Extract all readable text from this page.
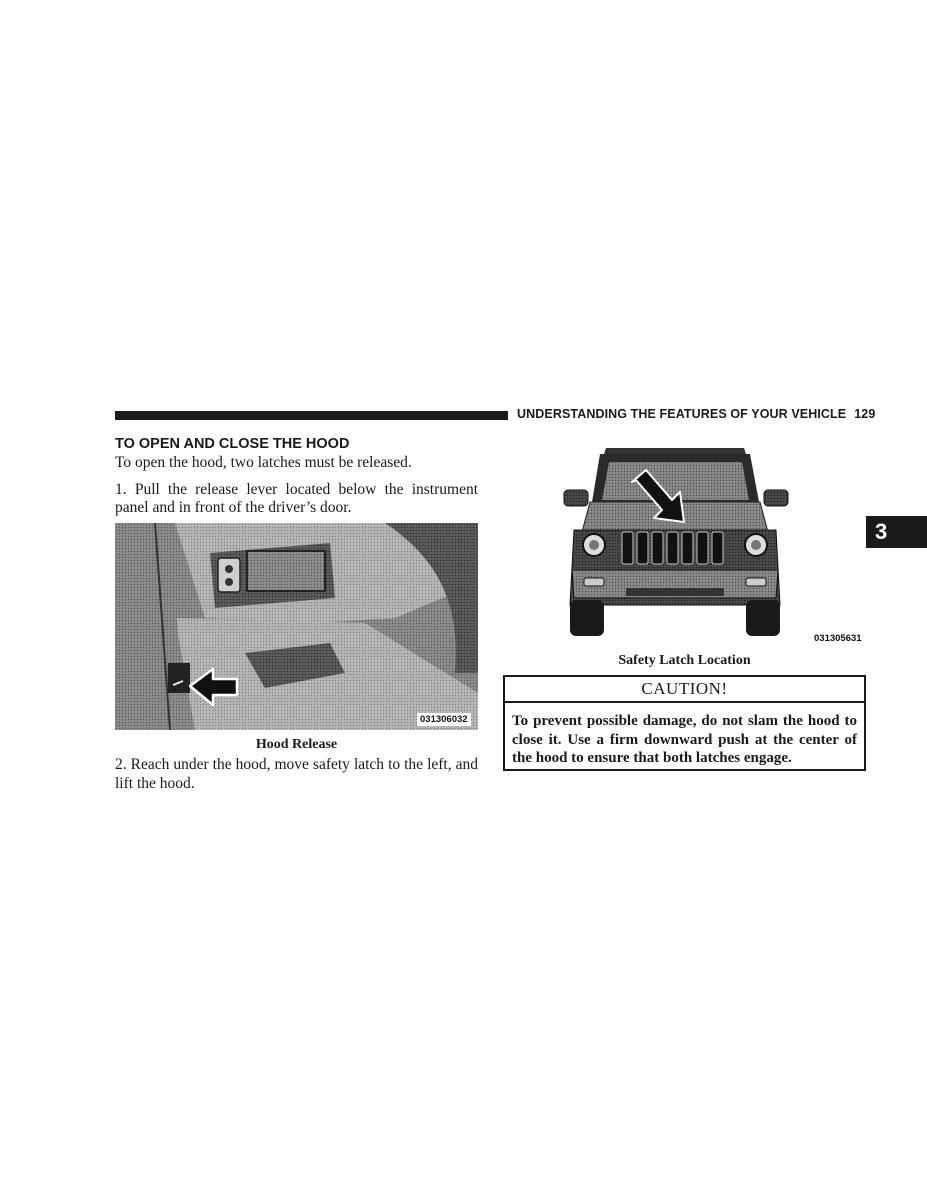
UNDERSTANDING THE FEATURES OF YOUR VEHICLE 129
3
TO OPEN AND CLOSE THE HOOD

To open the hood, two latches must be released.

1. Pull the release lever located below the instrument panel and in front of the driver’s door.

031306032
Hood Release

2. Reach under the hood, move safety latch to the left, and lift the hood.

031305631
Safety Latch Location
CAUTION!
To prevent possible damage, do not slam the hood to close it. Use a firm downward push at the center of the hood to ensure that both latches engage.
